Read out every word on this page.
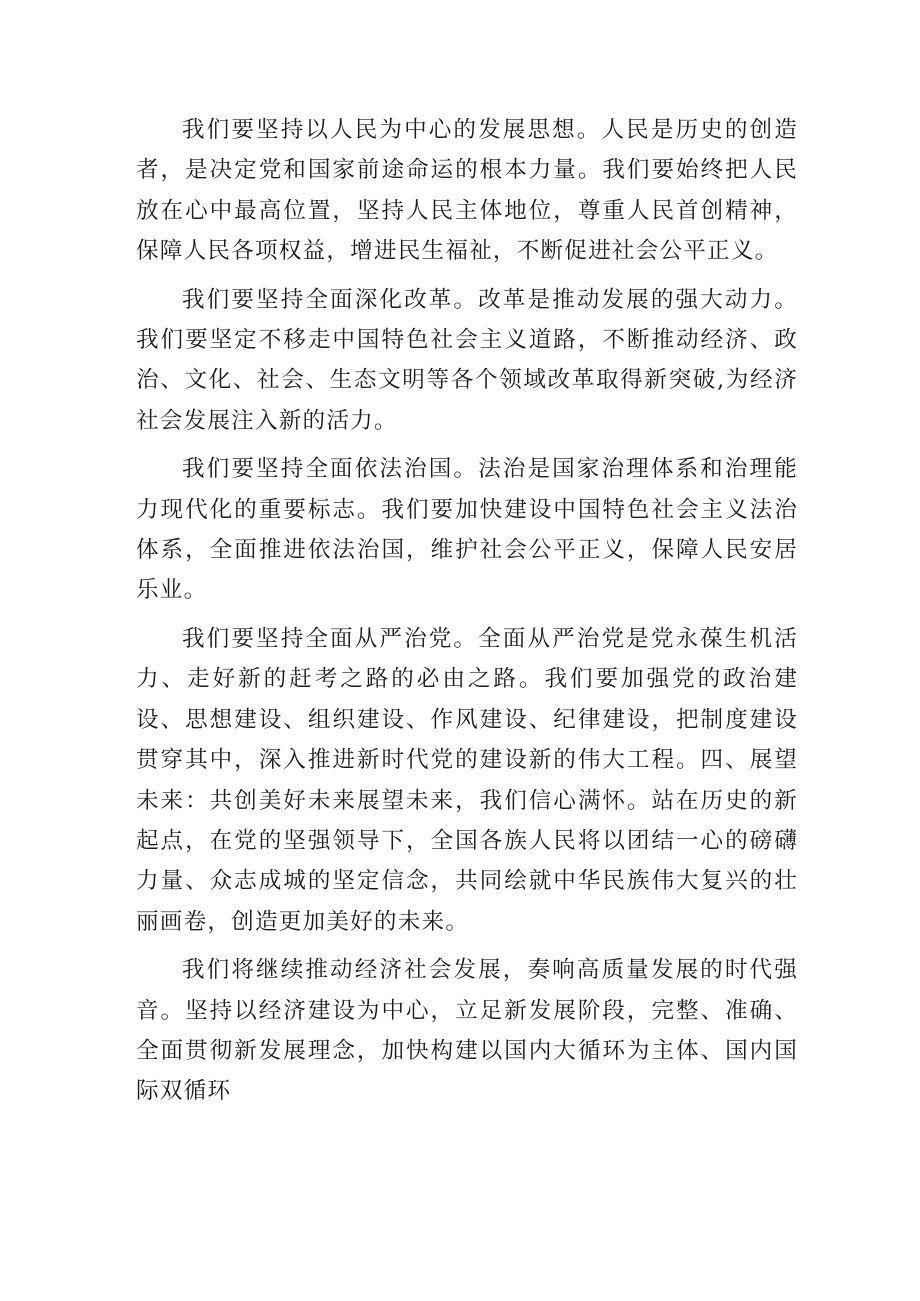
我们要坚持以人民为中心的发展思想。人民是历史的创造者，是决定党和国家前途命运的根本力量。我们要始终把人民放在心中最高位置，坚持人民主体地位，尊重人民首创精神，保障人民各项权益，增进民生福祉，不断促进社会公平正义。

我们要坚持全面深化改革。改革是推动发展的强大动力。我们要坚定不移走中国特色社会主义道路，不断推动经济、政治、文化、社会、生态文明等各个领域改革取得新突破,为经济社会发展注入新的活力。

我们要坚持全面依法治国。法治是国家治理体系和治理能力现代化的重要标志。我们要加快建设中国特色社会主义法治体系，全面推进依法治国，维护社会公平正义，保障人民安居乐业。

我们要坚持全面从严治党。全面从严治党是党永葆生机活力、走好新的赶考之路的必由之路。我们要加强党的政治建设、思想建设、组织建设、作风建设、纪律建设，把制度建设贯穿其中，深入推进新时代党的建设新的伟大工程。四、展望未来：共创美好未来展望未来，我们信心满怀。站在历史的新起点，在党的坚强领导下，全国各族人民将以团结一心的磅礴力量、众志成城的坚定信念，共同绘就中华民族伟大复兴的壮丽画卷，创造更加美好的未来。

我们将继续推动经济社会发展，奏响高质量发展的时代强音。坚持以经济建设为中心，立足新发展阶段，完整、准确、全面贯彻新发展理念，加快构建以国内大循环为主体、国内国际双循环
